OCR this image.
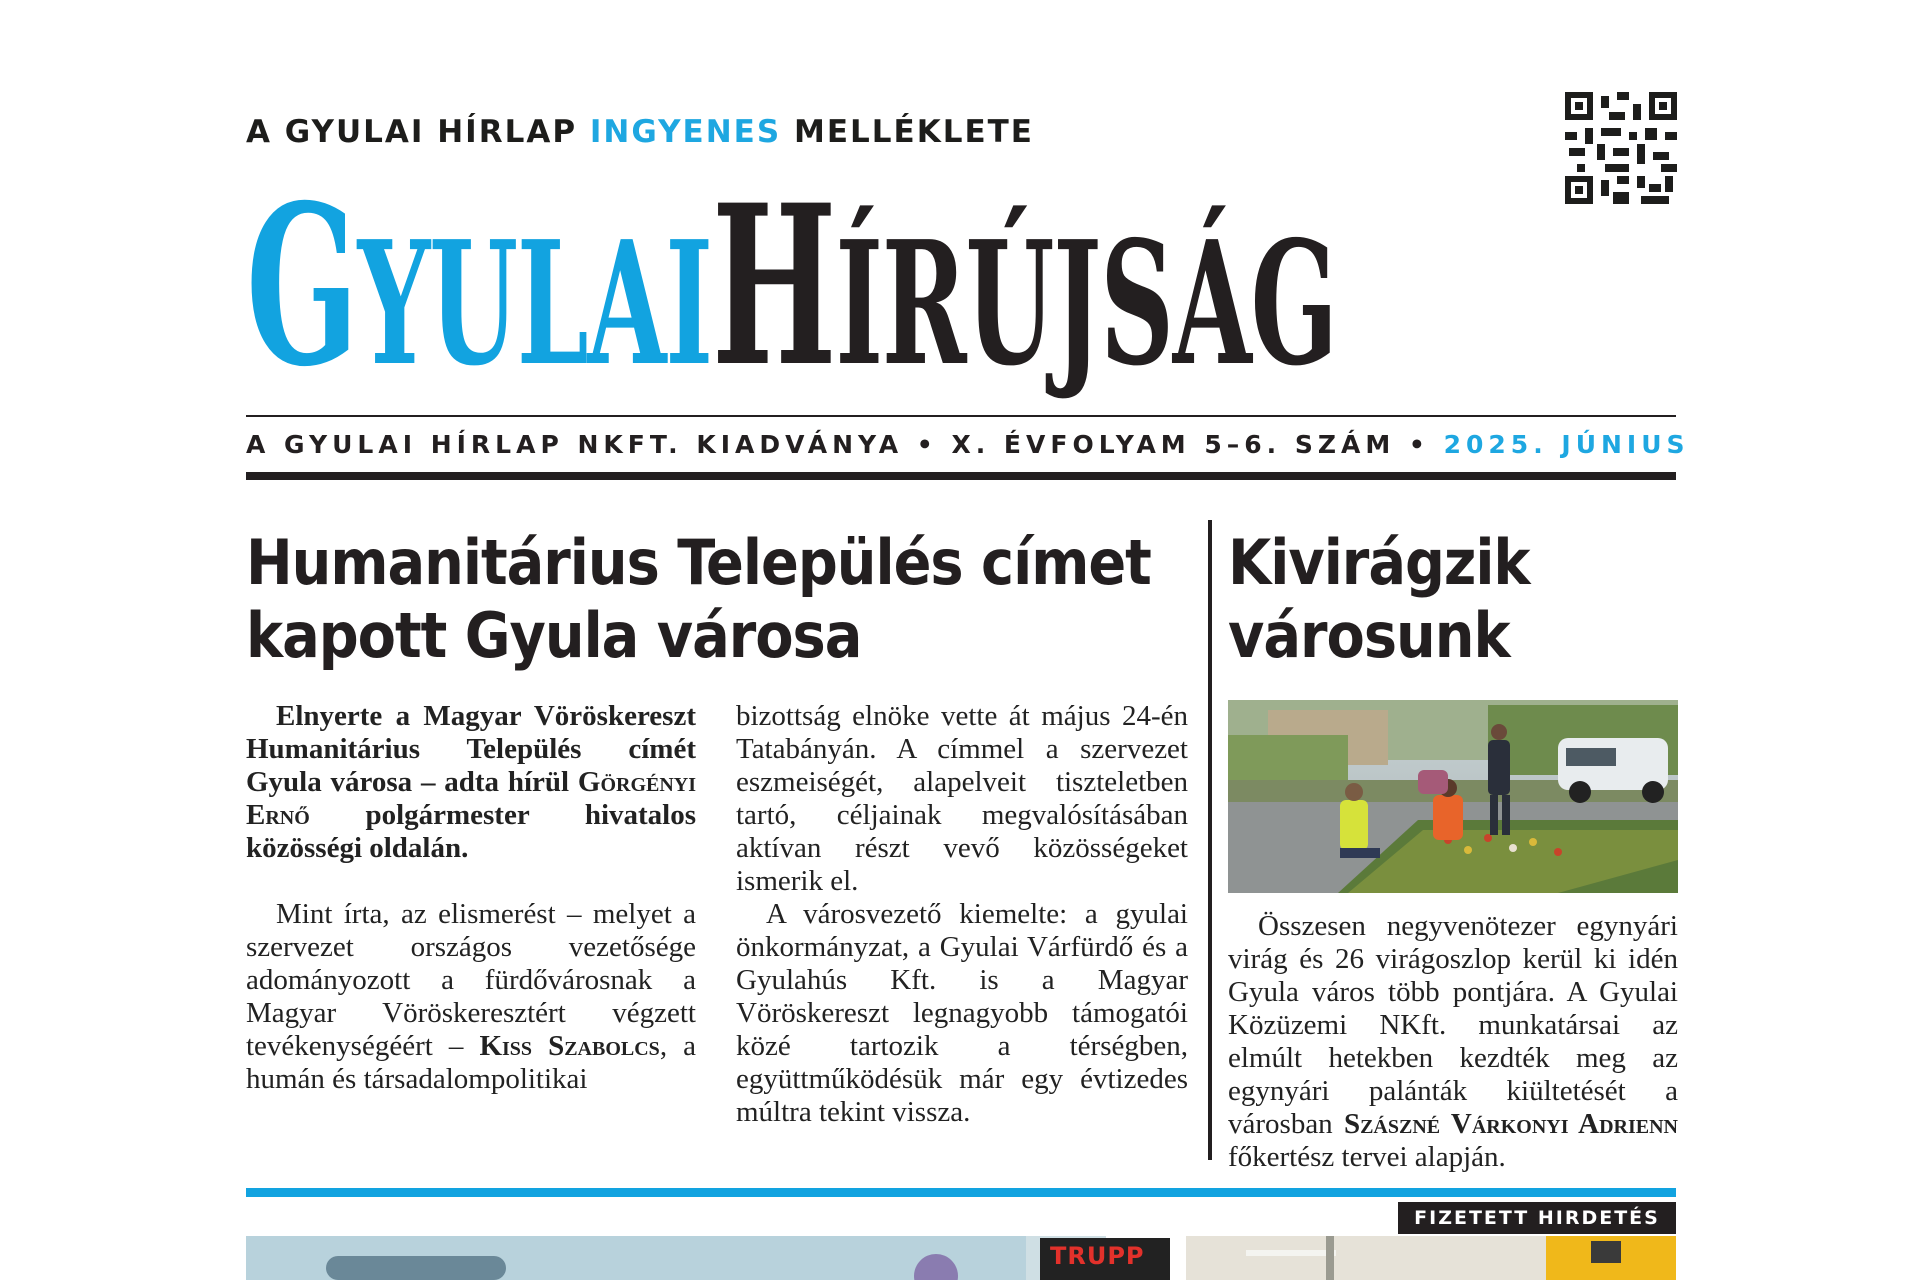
A GYULAI HÍRLAP INGYENES MELLÉKLETE
GYULAIHÍRÚJSÁG
A GYULAI HÍRLAP NKFT. KIADVÁNYA • X. ÉVFOLYAM 5–6. SZÁM • 2025. JÚNIUS
Humanitárius Település címet kapott Gyula városa

Elnyerte a Magyar Vöröskereszt Humanitárius Település címét Gyula városa – adta hírül Görgényi Ernő polgármester hivatalos közösségi oldalán.

Mint írta, az elismerést – melyet a szervezet országos vezetősége adományozott a fürdővárosnak a Magyar Vöröskeresztért végzett tevékenységéért – Kiss Szabolcs, a humán és társadalompolitikai

bizottság elnöke vette át május 24-én Tatabányán. A címmel a szervezet eszmeiségét, alapelveit tiszteletben tartó, céljainak megvalósításában aktívan részt vevő közösségeket ismerik el.

A városvezető kiemelte: a gyulai önkormányzat, a Gyulai Várfürdő és a Gyulahús Kft. is a Magyar Vöröskereszt legnagyobb támogatói közé tartozik a térségben, együttműködésük már egy évtizedes múltra tekint vissza.

Kivirágzik városunk

Összesen negyvenötezer egynyári virág és 26 virágoszlop kerül ki idén Gyula város több pontjára. A Gyulai Közüzemi NKft. munkatársai az elmúlt hetekben kezdték meg az egynyári palánták kiültetését a városban Szászné Várkonyi Adrienn főkertész tervei alapján.

FIZETETT HIRDETÉS
TRUPP
